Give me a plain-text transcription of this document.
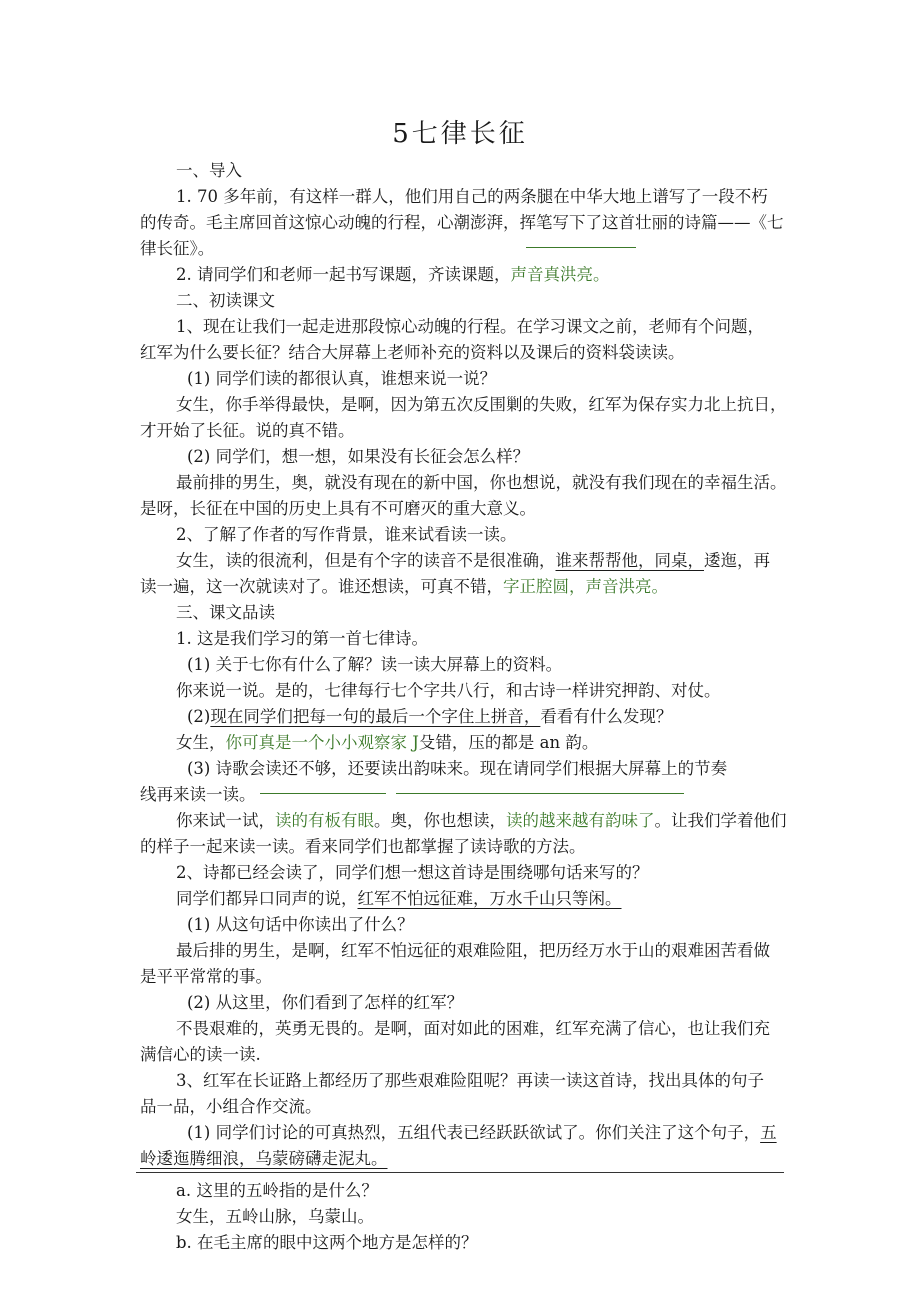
5七律长征
一、导入
1. 70 多年前，有这样一群人，他们用自己的两条腿在中华大地上谱写了一段不朽
的传奇。毛主席回首这惊心动魄的行程，心潮澎湃，挥笔写下了这首壮丽的诗篇——《七
律长征》。
2. 请同学们和老师一起书写课题，齐读课题，声音真洪亮。
二、初读课文
1、现在让我们一起走进那段惊心动魄的行程。在学习课文之前，老师有个问题，
红军为什么要长征？结合大屏幕上老师补充的资料以及课后的资料袋读读。
(1) 同学们读的都很认真，谁想来说一说？
女生，你手举得最快，是啊，因为第五次反围剿的失败，红军为保存实力北上抗日，
才开始了长征。说的真不错。
(2) 同学们，想一想，如果没有长征会怎么样？
最前排的男生，奥，就没有现在的新中国，你也想说，就没有我们现在的幸福生活。
是呀，长征在中国的历史上具有不可磨灭的重大意义。
2、了解了作者的写作背景，谁来试看读一读。
女生，读的很流利，但是有个字的读音不是很准确，谁来帮帮他，同桌，逶迤，再
读一遍，这一次就读对了。谁还想读，可真不错，字正腔圆，声音洪亮。
三、课文品读
1. 这是我们学习的第一首七律诗。
(1) 关于七你有什么了解？读一读大屏幕上的资料。
你来说一说。是的，七律每行七个字共八行，和古诗一样讲究押韵、对仗。
(2)现在同学们把每一句的最后一个字住上拼音，看看有什么发现？
女生，你可真是一个小小观察家 J殳错，压的都是 an 韵。
(3) 诗歌会读还不够，还要读出韵味来。现在请同学们根据大屏幕上的节奏
线再来读一读。
你来试一试，读的有板有眼。奥，你也想读，读的越来越有韵味了。让我们学着他们
的样子一起来读一读。看来同学们也都掌握了读诗歌的方法。
2、诗都已经会读了，同学们想一想这首诗是围绕哪句话来写的？
同学们都异口同声的说，红军不怕远征难，万水千山只等闲。
(1) 从这句话中你读出了什么？
最后排的男生，是啊，红军不怕远征的艰难险阻，把历经万水于山的艰难困苦看做
是平平常常的事。
(2) 从这里，你们看到了怎样的红军？
不畏艰难的，英勇无畏的。是啊，面对如此的困难，红军充满了信心，也让我们充
满信心的读一读.
3、红军在长证路上都经历了那些艰难险阻呢？再读一读这首诗，找出具体的句子
品一品，小组合作交流。
(1) 同学们讨论的可真热烈，五组代表已经跃跃欲试了。你们关注了这个句子，五
岭逶迤腾细浪，乌蒙磅礴走泥丸。
a. 这里的五岭指的是什么？
女生，五岭山脉，乌蒙山。
b. 在毛主席的眼中这两个地方是怎样的？
